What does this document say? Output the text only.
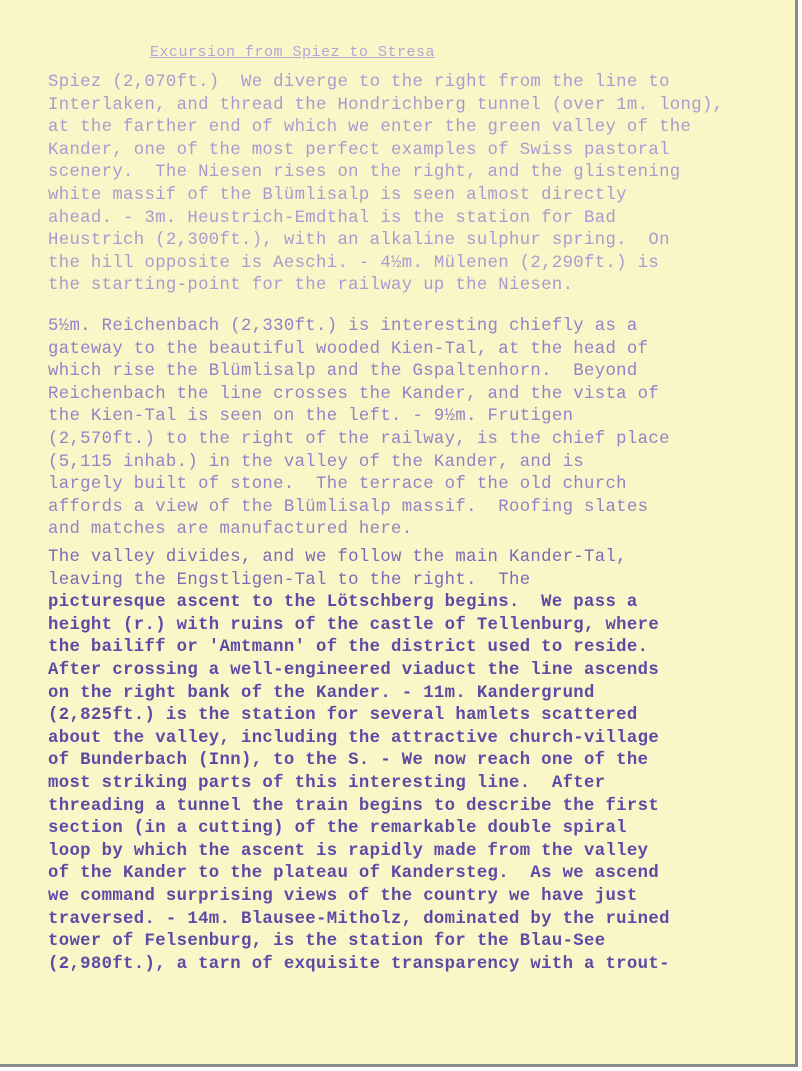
Excursion from Spiez to Stresa
Spiez (2,070ft.)  We diverge to the right from the line to
Interlaken, and thread the Hondrichberg tunnel (over 1m. long),
at the farther end of which we enter the green valley of the
Kander, one of the most perfect examples of Swiss pastoral
scenery.  The Niesen rises on the right, and the glistening
white massif of the Blümlisalp is seen almost directly
ahead. - 3m. Heustrich-Emdthal is the station for Bad
Heustrich (2,300ft.), with an alkaline sulphur spring.  On
the hill opposite is Aeschi. - 4½m. Mülenen (2,290ft.) is
the starting-point for the railway up the Niesen.
5½m. Reichenbach (2,330ft.) is interesting chiefly as a
gateway to the beautiful wooded Kien-Tal, at the head of
which rise the Blümlisalp and the Gspaltenhorn.  Beyond
Reichenbach the line crosses the Kander, and the vista of
the Kien-Tal is seen on the left. - 9½m. Frutigen
(2,570ft.) to the right of the railway, is the chief place
(5,115 inhab.) in the valley of the Kander, and is
largely built of stone.  The terrace of the old church
affords a view of the Blümlisalp massif.  Roofing slates
and matches are manufactured here.
The valley divides, and we follow the main Kander-Tal,
leaving the Engstligen-Tal to the right.  The
picturesque ascent to the Lötschberg begins.  We pass a
height (r.) with ruins of the castle of Tellenburg, where
the bailiff or 'Amtmann' of the district used to reside.
After crossing a well-engineered viaduct the line ascends
on the right bank of the Kander. - 11m. Kandergrund
(2,825ft.) is the station for several hamlets scattered
about the valley, including the attractive church-village
of Bunderbach (Inn), to the S. - We now reach one of the
most striking parts of this interesting line.  After
threading a tunnel the train begins to describe the first
section (in a cutting) of the remarkable double spiral
loop by which the ascent is rapidly made from the valley
of the Kander to the plateau of Kandersteg.  As we ascend
we command surprising views of the country we have just
traversed. - 14m. Blausee-Mitholz, dominated by the ruined
tower of Felsenburg, is the station for the Blau-See
(2,980ft.), a tarn of exquisite transparency with a trout-
